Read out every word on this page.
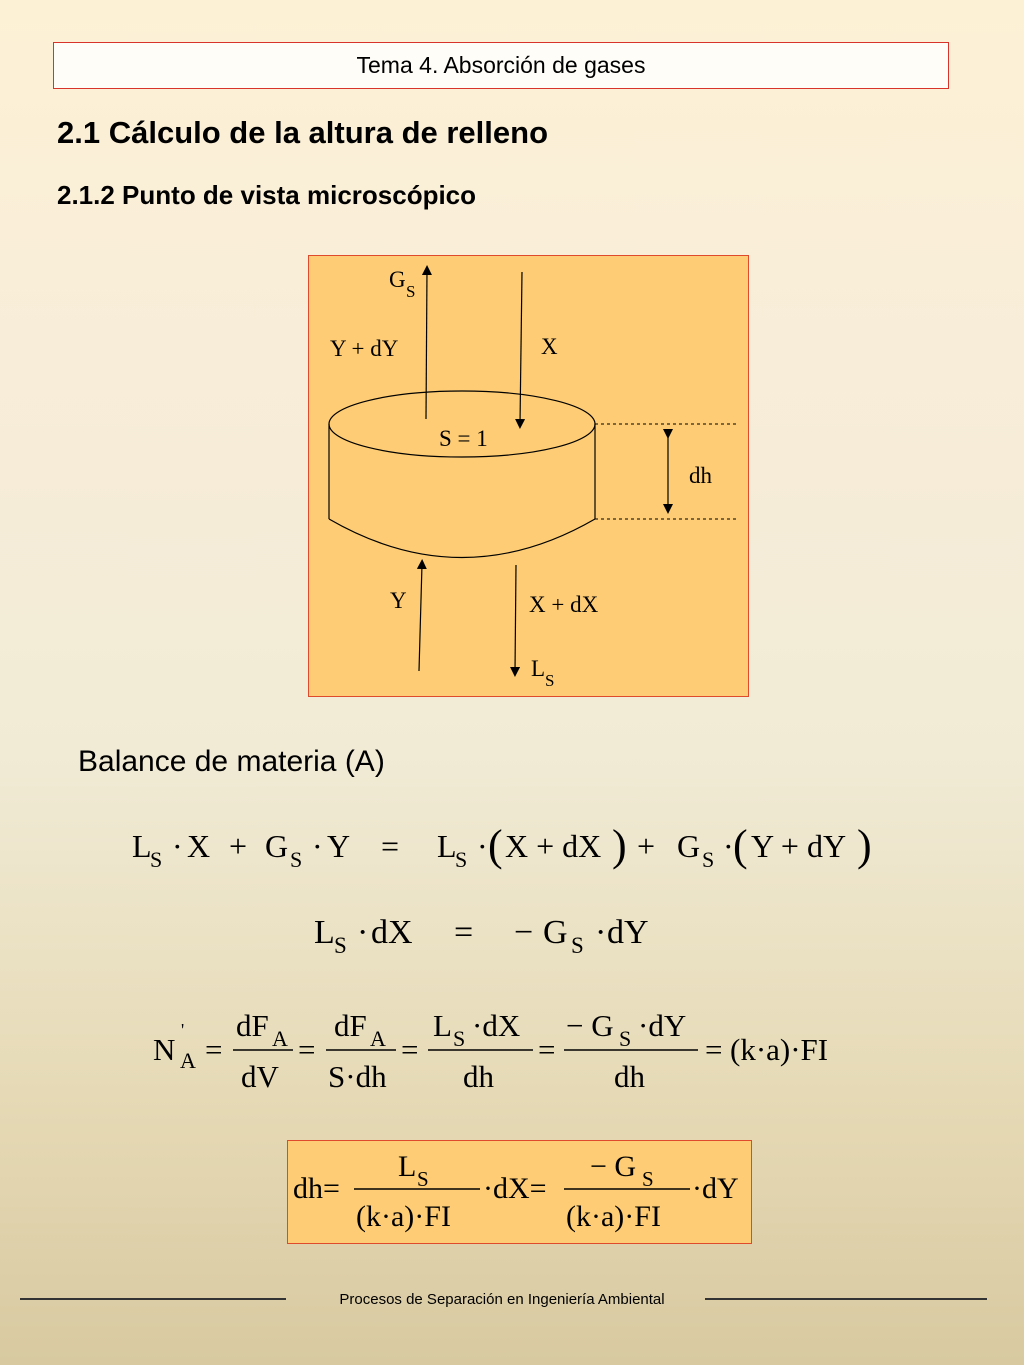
Tema 4. Absorción de gases
2.1 Cálculo de la altura de relleno
2.1.2 Punto de vista microscópico
G S
Y + dY	X
S = 1
dh
Y	X + dX
L S
Balance de materia (A)
L
S · X + G S · Y = L
S · ( X + dX ) + G S · ( Y + dY )
L S · dX = − G S · dY
N
'
A =
dF A
dV
=
dF A
S·dh
=
L S ·dX
dh
=
− G S ·dY
dh
= (k·a)·FI
dh=
L S
(k·a)·FI
·dX=
− G S
(k·a)·FI
·dY
Procesos de Separación en Ingeniería Ambiental
